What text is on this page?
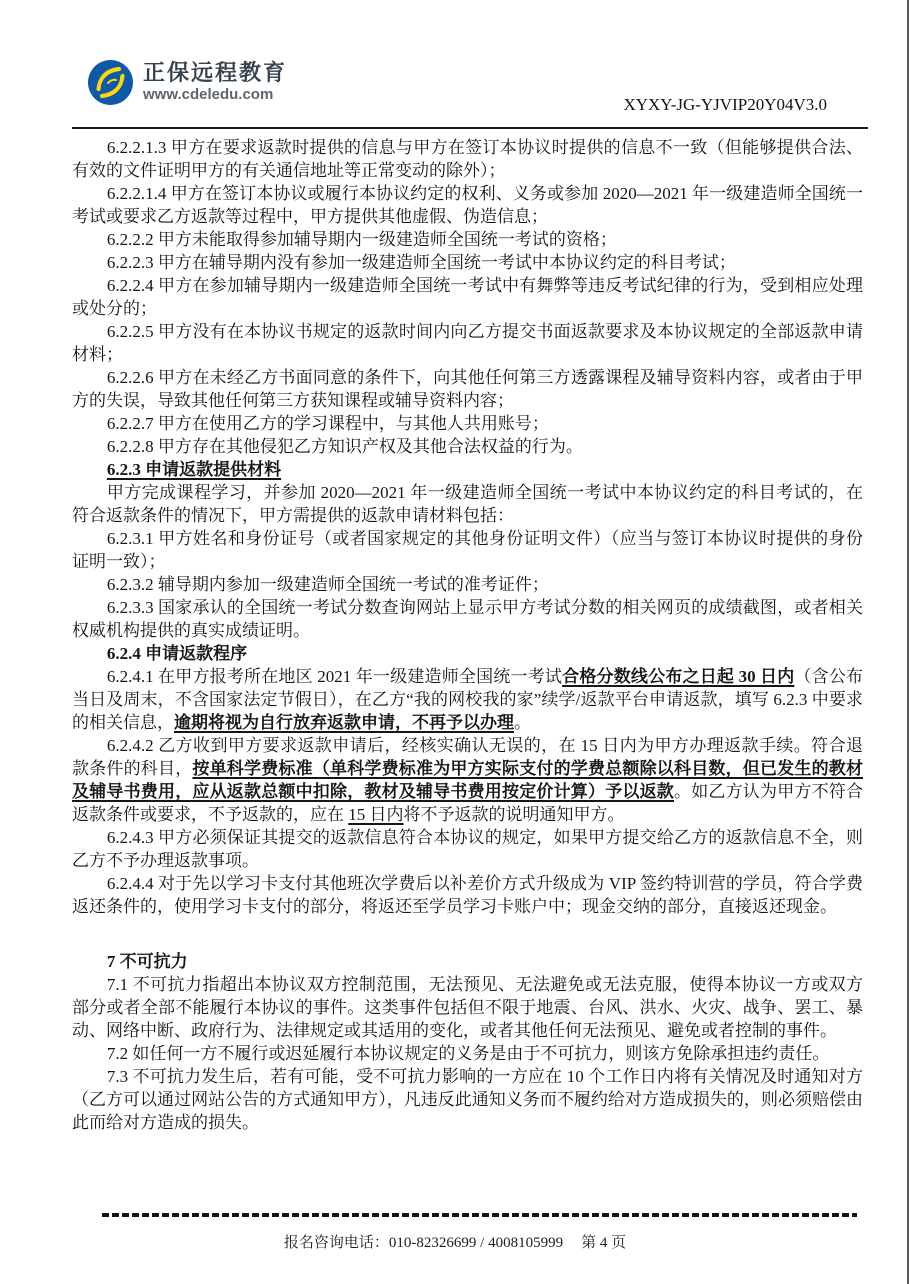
正保远程教育
www.cdeledu.com
XYXY-JG-YJVIP20Y04V3.0

6.2.2.1.3 甲方在要求返款时提供的信息与甲方在签订本协议时提供的信息不一致（但能够提供合法、有效的文件证明甲方的有关通信地址等正常变动的除外）；

6.2.2.1.4 甲方在签订本协议或履行本协议约定的权利、义务或参加 2020—2021 年一级建造师全国统一考试或要求乙方返款等过程中，甲方提供其他虚假、伪造信息；

6.2.2.2 甲方未能取得参加辅导期内一级建造师全国统一考试的资格；

6.2.2.3 甲方在辅导期内没有参加一级建造师全国统一考试中本协议约定的科目考试；

6.2.2.4 甲方在参加辅导期内一级建造师全国统一考试中有舞弊等违反考试纪律的行为，受到相应处理或处分的；

6.2.2.5 甲方没有在本协议书规定的返款时间内向乙方提交书面返款要求及本协议规定的全部返款申请材料；

6.2.2.6 甲方在未经乙方书面同意的条件下，向其他任何第三方透露课程及辅导资料内容，或者由于甲方的失误，导致其他任何第三方获知课程或辅导资料内容；

6.2.2.7 甲方在使用乙方的学习课程中，与其他人共用账号；

6.2.2.8 甲方存在其他侵犯乙方知识产权及其他合法权益的行为。

6.2.3 申请返款提供材料

甲方完成课程学习，并参加 2020—2021 年一级建造师全国统一考试中本协议约定的科目考试的，在符合返款条件的情况下，甲方需提供的返款申请材料包括：

6.2.3.1 甲方姓名和身份证号（或者国家规定的其他身份证明文件）（应当与签订本协议时提供的身份证明一致）；

6.2.3.2 辅导期内参加一级建造师全国统一考试的准考证件；

6.2.3.3 国家承认的全国统一考试分数查询网站上显示甲方考试分数的相关网页的成绩截图，或者相关权威机构提供的真实成绩证明。

6.2.4 申请返款程序

6.2.4.1 在甲方报考所在地区 2021 年一级建造师全国统一考试合格分数线公布之日起 30 日内（含公布当日及周末，不含国家法定节假日），在乙方“我的网校我的家”续学/返款平台申请返款，填写 6.2.3 中要求的相关信息，逾期将视为自行放弃返款申请，不再予以办理。

6.2.4.2 乙方收到甲方要求返款申请后，经核实确认无误的，在 15 日内为甲方办理返款手续。符合退款条件的科目，按单科学费标准（单科学费标准为甲方实际支付的学费总额除以科目数，但已发生的教材及辅导书费用，应从返款总额中扣除，教材及辅导书费用按定价计算）予以返款。如乙方认为甲方不符合返款条件或要求，不予返款的，应在 15 日内将不予返款的说明通知甲方。

6.2.4.3 甲方必须保证其提交的返款信息符合本协议的规定，如果甲方提交给乙方的返款信息不全，则乙方不予办理返款事项。

6.2.4.4 对于先以学习卡支付其他班次学费后以补差价方式升级成为 VIP 签约特训营的学员，符合学费返还条件的，使用学习卡支付的部分，将返还至学员学习卡账户中；现金交纳的部分，直接返还现金。

7 不可抗力

7.1 不可抗力指超出本协议双方控制范围，无法预见、无法避免或无法克服，使得本协议一方或双方部分或者全部不能履行本协议的事件。这类事件包括但不限于地震、台风、洪水、火灾、战争、罢工、暴动、网络中断、政府行为、法律规定或其适用的变化，或者其他任何无法预见、避免或者控制的事件。

7.2 如任何一方不履行或迟延履行本协议规定的义务是由于不可抗力，则该方免除承担违约责任。

7.3 不可抗力发生后，若有可能，受不可抗力影响的一方应在 10 个工作日内将有关情况及时通知对方（乙方可以通过网站公告的方式通知甲方），凡违反此通知义务而不履约给对方造成损失的，则必须赔偿由此而给对方造成的损失。

报名咨询电话：010-82326699 / 4008105999 第 4 页
